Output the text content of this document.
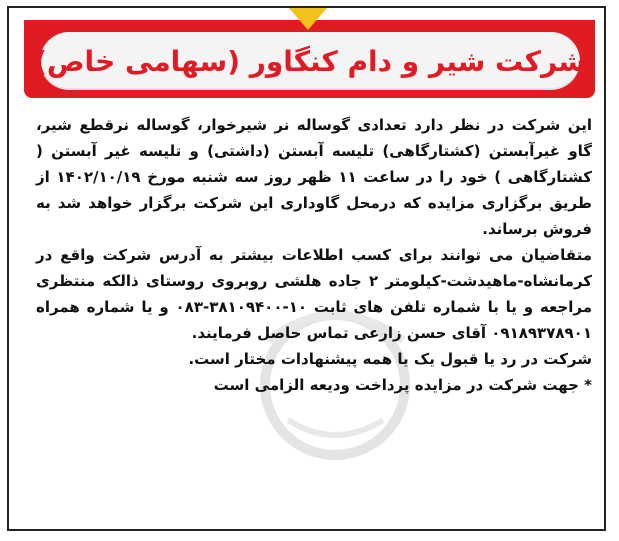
شرکت شیر و دام کنگاور (سهامی خاص)

این شرکت در نظر دارد تعدادی گوساله نر شیرخوار، گوساله نرقطع شیر، گاو غیرآبستن (کشتارگاهی) تلیسه آبستن (داشتی) و تلیسه غیر آبستن ( کشتارگاهی ) خود را در ساعت ۱۱ ظهر روز سه شنبه مورخ ۱۴۰۲/۱۰/۱۹ از طریق برگزاری مزایده که درمحل گاوداری این شرکت برگزار خواهد شد به فروش برساند.

متقاضیان می توانند برای کسب اطلاعات بیشتر به آدرس شرکت واقع در کرمانشاه-ماهیدشت-کیلومتر ۲ جاده هلشی روبروی روستای ذالکه منتظری مراجعه و یا با شماره تلفن های ثابت ۱۰-۳۸۱۰۹۴۰۰-۰۸۳ و یا شماره همراه ۰۹۱۸۹۳۷۸۹۰۱ آقای حسن زارعی تماس حاصل فرمایند.

شرکت در رد یا قبول یک یا همه پیشنهادات مختار است.

* جهت شرکت در مزایده پرداخت ودیعه الزامی است
